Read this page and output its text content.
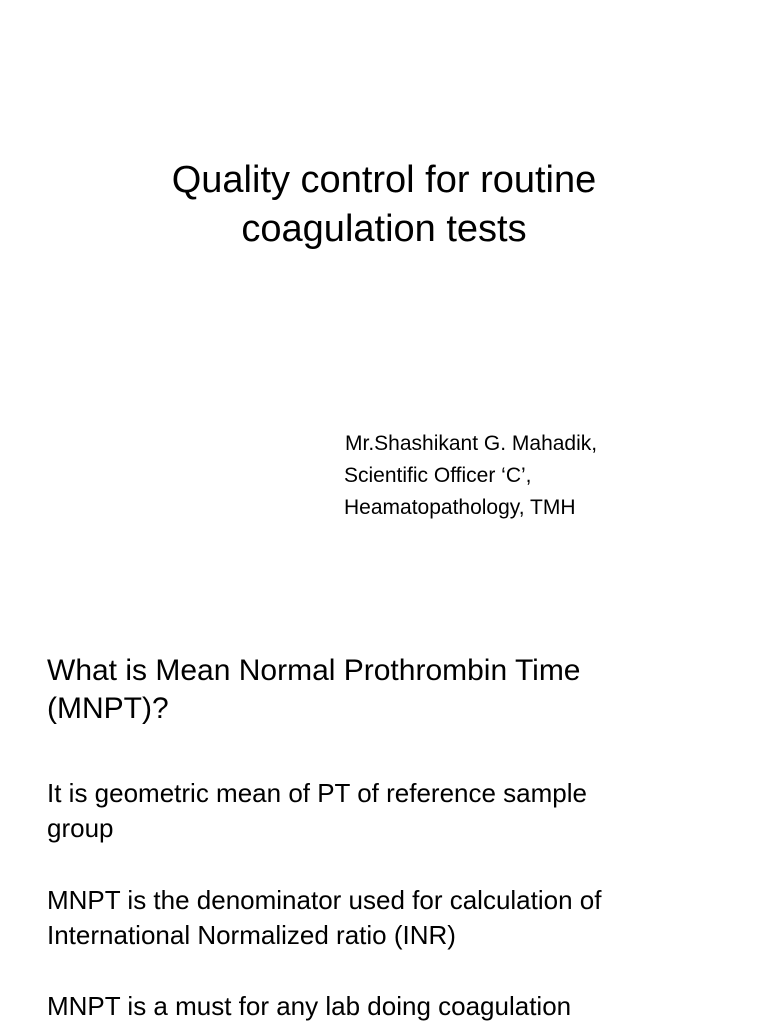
Quality control for routine
coagulation tests
Mr.Shashikant G. Mahadik,
Scientific Officer ‘C’,
Heamatopathology, TMH
What is Mean Normal Prothrombin Time
(MNPT)?

It is geometric mean of PT of reference sample
group

MNPT is the denominator used for calculation of
International Normalized ratio (INR)

MNPT is a must for any lab doing coagulation
